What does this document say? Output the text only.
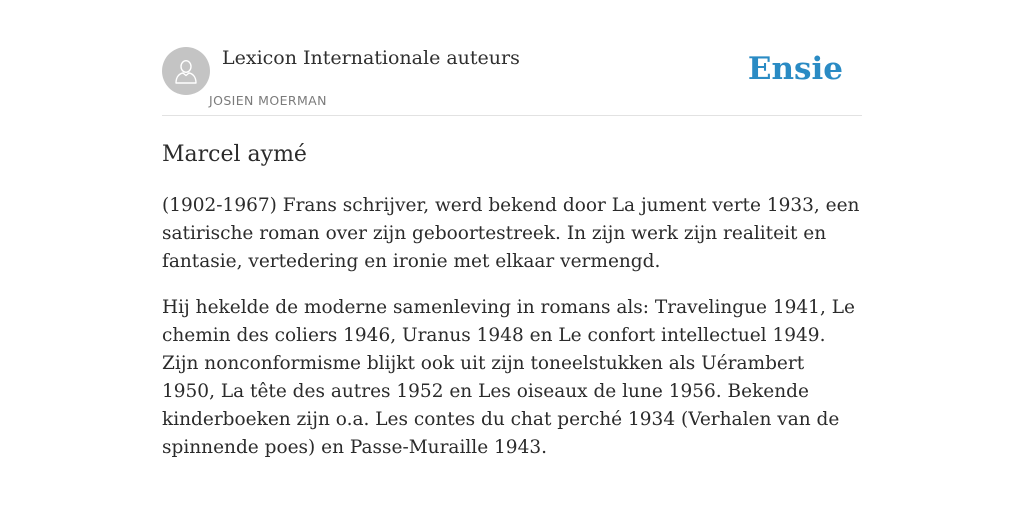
Lexicon Internationale auteurs
JOSIEN MOERMAN
Ensie
Marcel aymé

(1902-1967) Frans schrijver, werd bekend door La jument verte 1933, een satirische roman over zijn geboortestreek. In zijn werk zijn realiteit en fantasie, vertedering en ironie met elkaar vermengd.

Hij hekelde de moderne samenleving in romans als: Travelingue 1941, Le chemin des coliers 1946, Uranus 1948 en Le confort intellectuel 1949. Zijn nonconformisme blijkt ook uit zijn toneelstukken als Uérambert 1950, La tête des autres 1952 en Les oiseaux de lune 1956. Bekende kinderboeken zijn o.a. Les contes du chat perché 1934 (Verhalen van de spinnende poes) en Passe-Muraille 1943.
